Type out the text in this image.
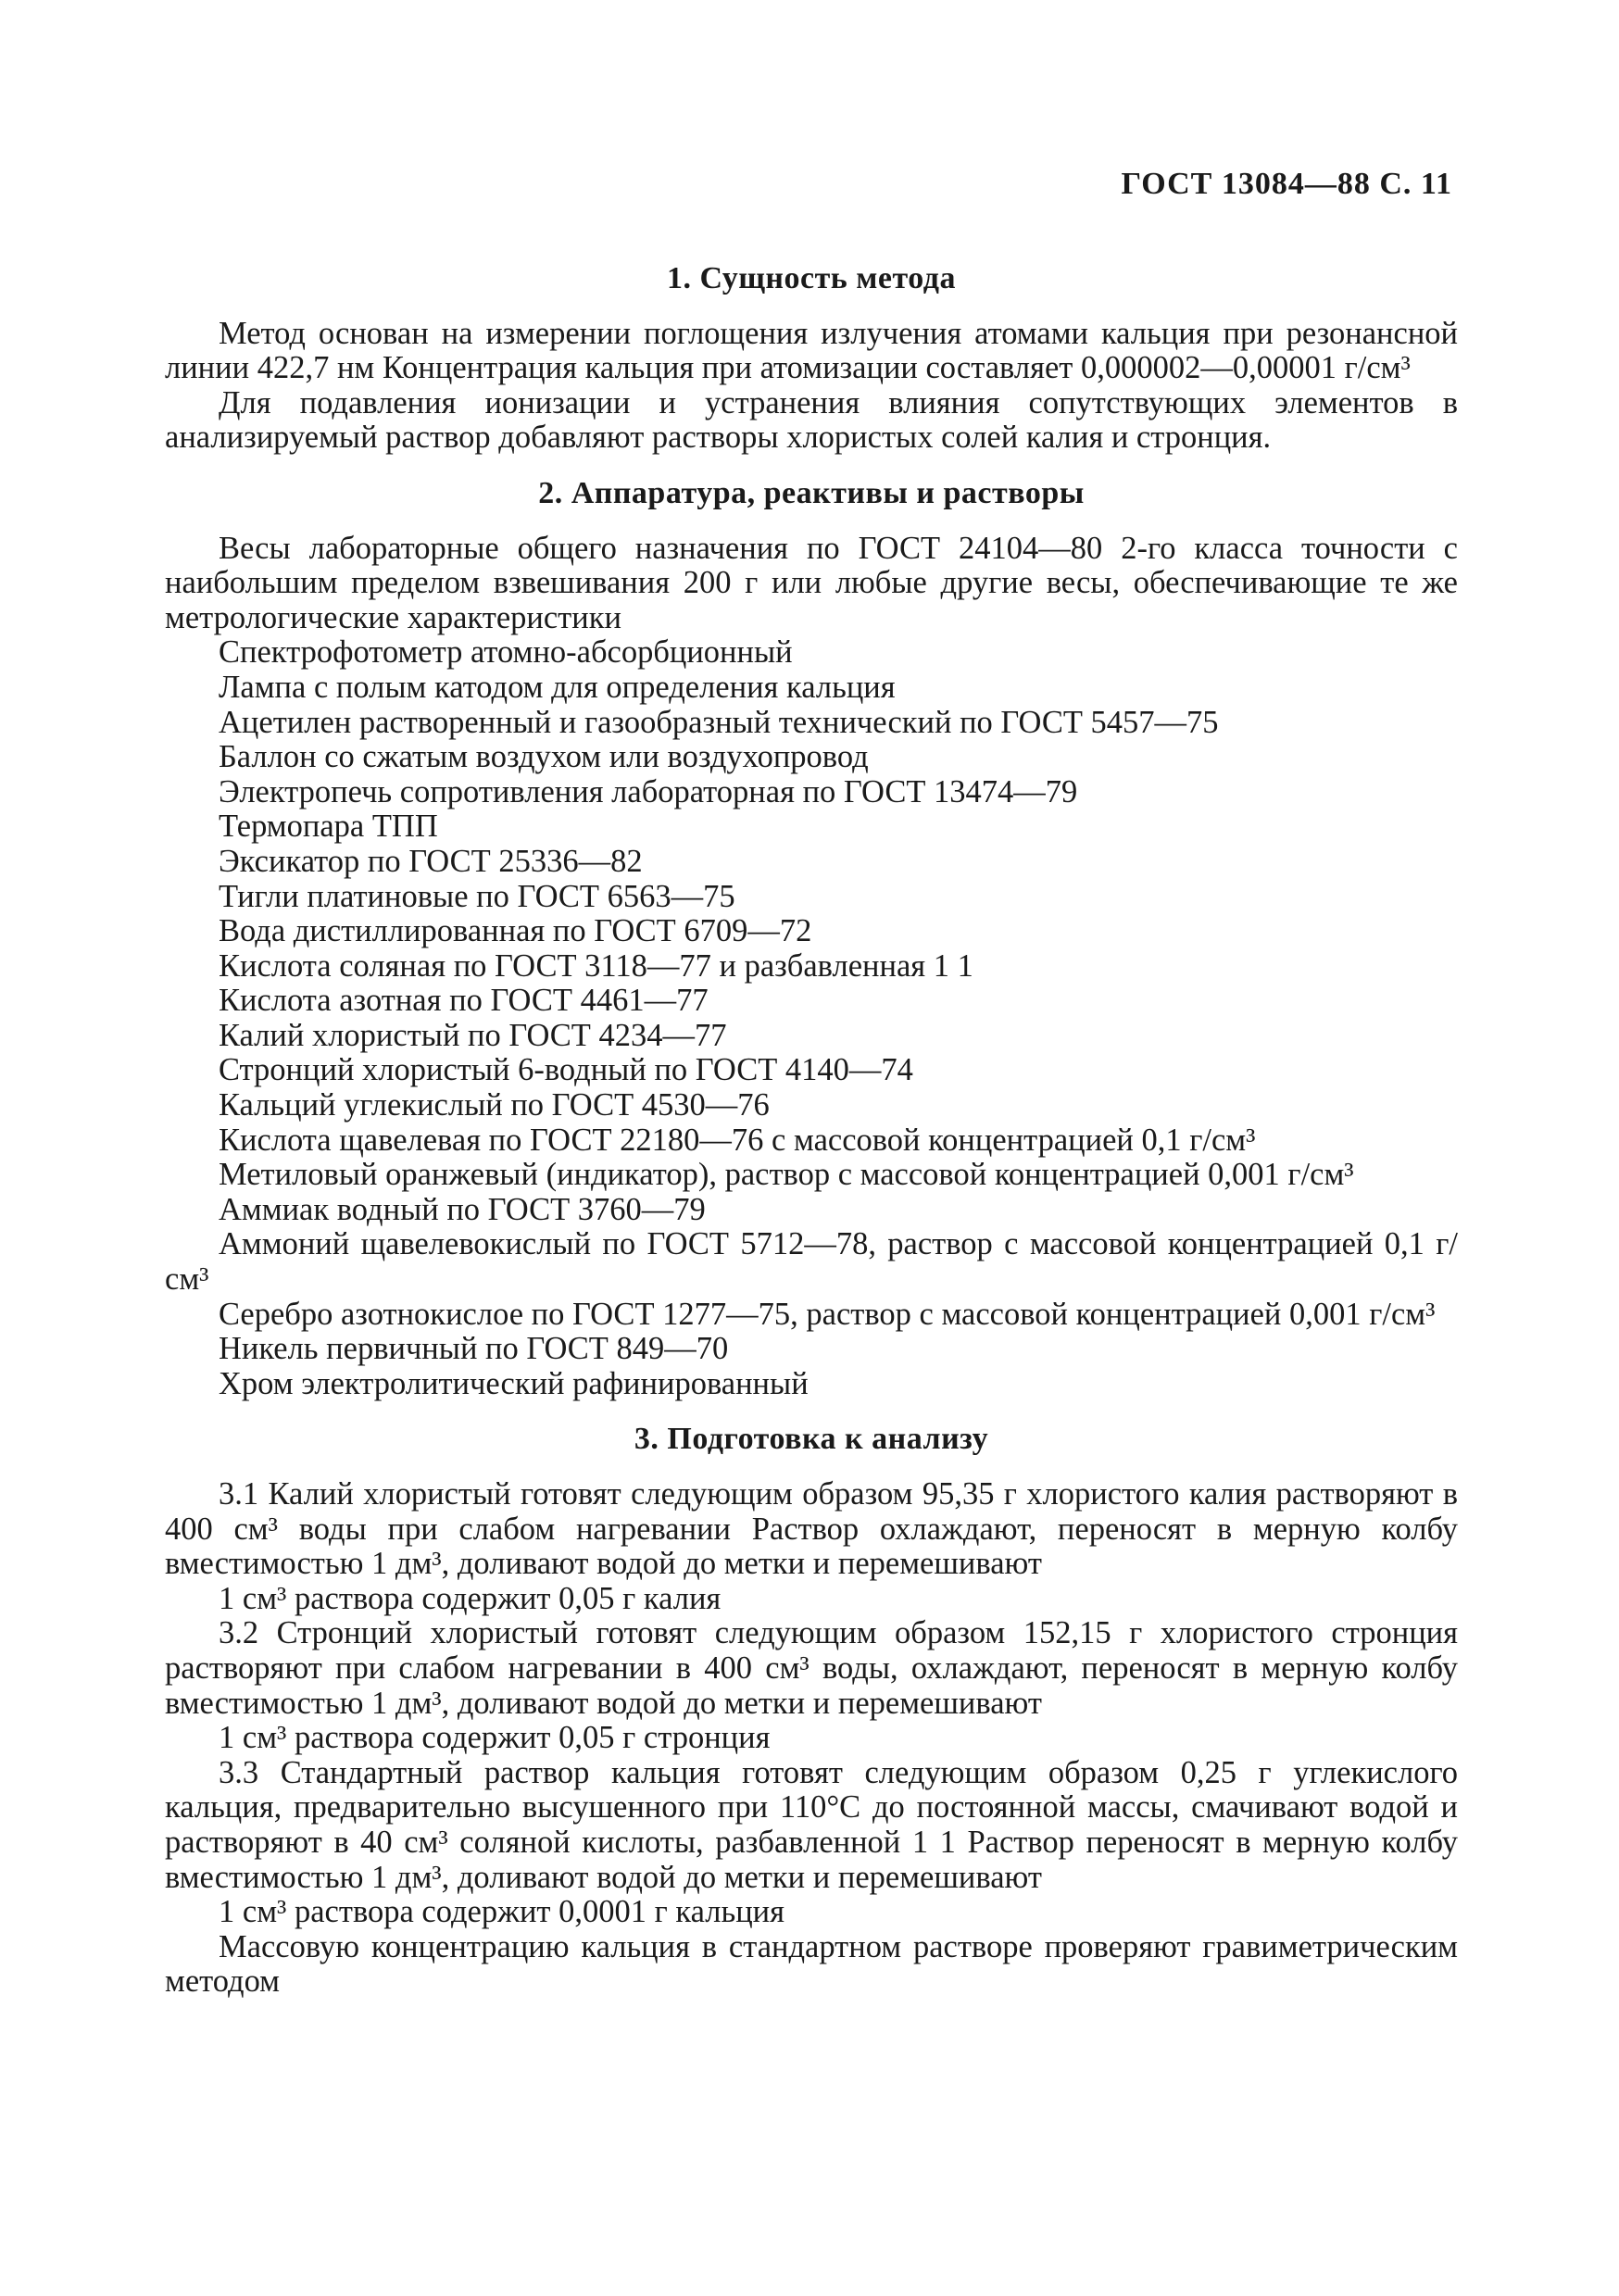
ГОСТ 13084—88 С. 11
1. Сущность метода

Метод основан на измерении поглощения излучения атомами кальция при резонансной линии 422,7 нм Концентрация кальция при атомизации составляет 0,000002—0,00001 г/см³

Для подавления ионизации и устранения влияния сопутствующих элементов в анализируемый раствор добавляют растворы хлористых солей калия и стронция.

2. Аппаратура, реактивы и растворы

Весы лабораторные общего назначения по ГОСТ 24104—80 2-го класса точности с наибольшим пределом взвешивания 200 г или любые другие весы, обеспечивающие те же метрологические характеристики

Спектрофотометр атомно-абсорбционный

Лампа с полым катодом для определения кальция

Ацетилен растворенный и газообразный технический по ГОСТ 5457—75

Баллон со сжатым воздухом или воздухопровод

Электропечь сопротивления лабораторная по ГОСТ 13474—79

Термопара ТПП

Эксикатор по ГОСТ 25336—82

Тигли платиновые по ГОСТ 6563—75

Вода дистиллированная по ГОСТ 6709—72

Кислота соляная по ГОСТ 3118—77 и разбавленная 1 1

Кислота азотная по ГОСТ 4461—77

Калий хлористый по ГОСТ 4234—77

Стронций хлористый 6-водный по ГОСТ 4140—74

Кальций углекислый по ГОСТ 4530—76

Кислота щавелевая по ГОСТ 22180—76 с массовой концентрацией 0,1 г/см³

Метиловый оранжевый (индикатор), раствор с массовой концентрацией 0,001 г/см³

Аммиак водный по ГОСТ 3760—79

Аммоний щавелевокислый по ГОСТ 5712—78, раствор с массовой концентрацией 0,1 г/см³

Серебро азотнокислое по ГОСТ 1277—75, раствор с массовой концентрацией 0,001 г/см³

Никель первичный по ГОСТ 849—70

Хром электролитический рафинированный

3. Подготовка к анализу

3.1 Калий хлористый готовят следующим образом 95,35 г хлористого калия растворяют в 400 см³ воды при слабом нагревании Раствор охлаждают, переносят в мерную колбу вместимостью 1 дм³, доливают водой до метки и перемешивают

1 см³ раствора содержит 0,05 г калия

3.2 Стронций хлористый готовят следующим образом 152,15 г хлористого стронция растворяют при слабом нагревании в 400 см³ воды, охлаждают, переносят в мерную колбу вместимостью 1 дм³, доливают водой до метки и перемешивают

1 см³ раствора содержит 0,05 г стронция

3.3 Стандартный раствор кальция готовят следующим образом 0,25 г углекислого кальция, предварительно высушенного при 110°С до постоянной массы, смачивают водой и растворяют в 40 см³ соляной кислоты, разбавленной 1 1 Раствор переносят в мерную колбу вместимостью 1 дм³, доливают водой до метки и перемешивают

1 см³ раствора содержит 0,0001 г кальция

Массовую концентрацию кальция в стандартном растворе проверяют гравиметрическим методом
